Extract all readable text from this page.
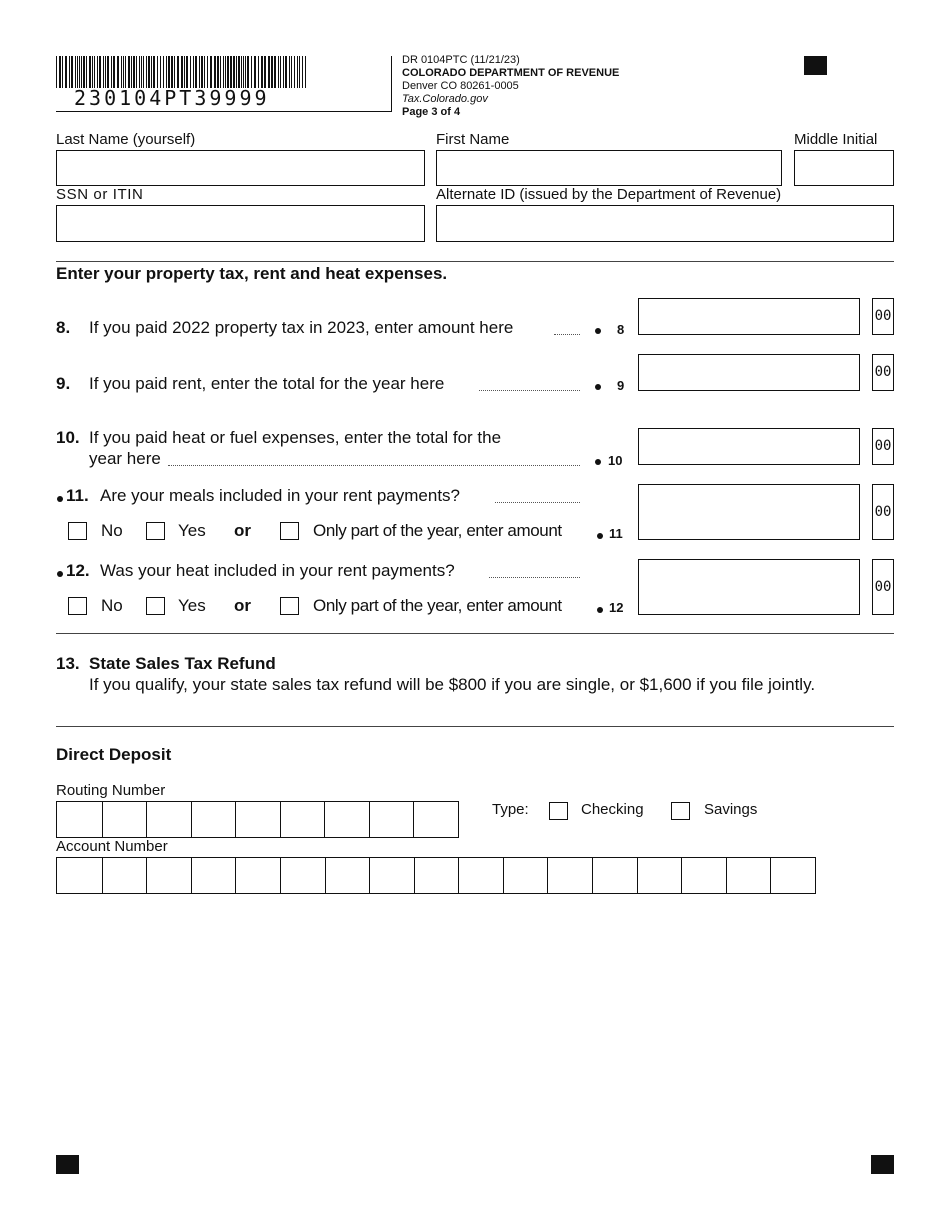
230104PT39999
DR 0104PTC (11/21/23)
COLORADO DEPARTMENT OF REVENUE
Denver CO 80261-0005
Tax.Colorado.gov
Page 3 of 4
Last Name (yourself)	First Name	Middle Initial
SSN or ITIN	Alternate ID (issued by the Department of Revenue)
Enter your property tax, rent and heat expenses.
8. If you paid 2022 property tax in 2023, enter amount here	8
00
9. If you paid rent, enter the total for the year here	9
00
10. If you paid heat or fuel expenses, enter the total for the
year here	10
00
11. Are your meals included in your rent payments?
No	Yes or	Only part of the year, enter amount	11
00
12. Was your heat included in your rent payments?
No	Yes or	Only part of the year, enter amount	12
00
13. State Sales Tax Refund
If you qualify, your state sales tax refund will be $800 if you are single, or $1,600 if you file jointly.
Direct Deposit
Routing Number
Type:	Checking	Savings
Account Number
